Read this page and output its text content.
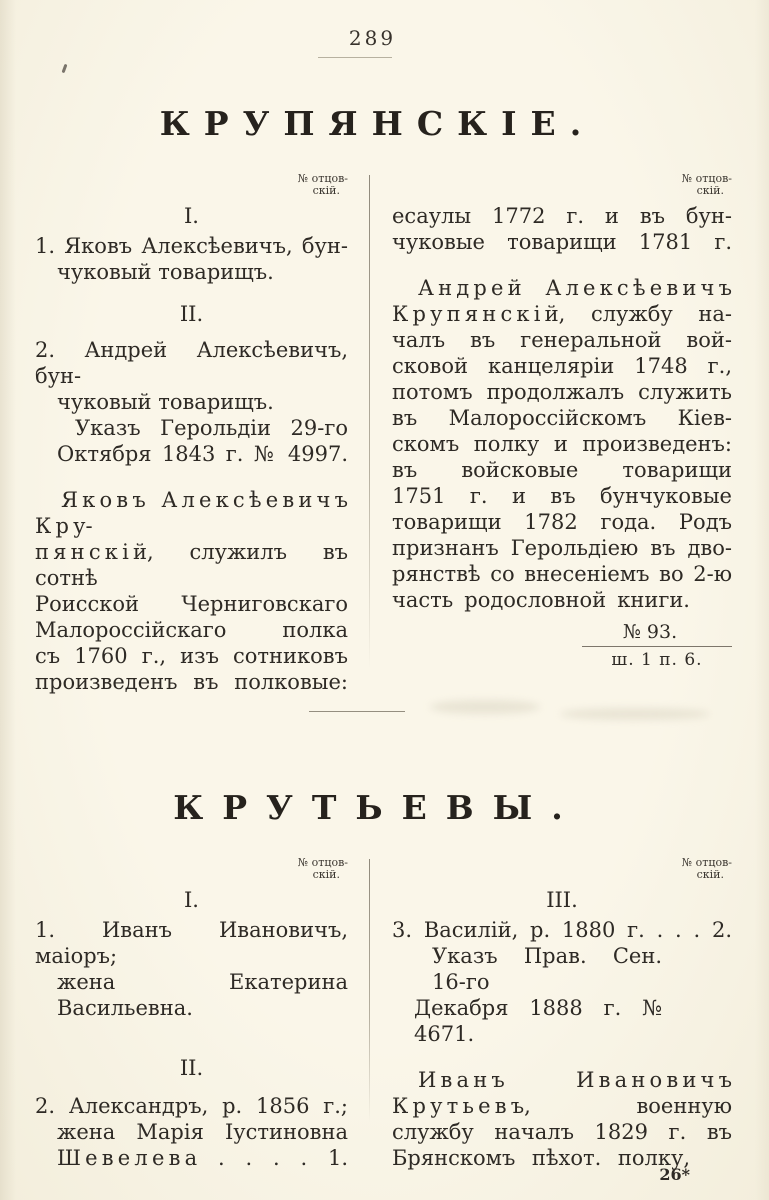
289
КРУПЯНСКІЕ.
№ отцов-
скій.
I.
1. Яковъ Алексѣевичъ, бун-
чуковый товарищъ.
II.
2. Андрей Алексѣевичъ, бун-
чуковый товарищъ.
Указъ Герольдіи 29-го
Октября 1843 г. № 4997.
Я к о в ъ А л е к с ѣ е в и ч ъ К р у-
п я н с к і й, служилъ въ сотнѣ
Роисской Черниговскаго
Малороссійскаго полка
съ 1760 г., изъ сотниковъ
произведенъ въ полковые:
№ отцов-
скій.
есаулы 1772 г. и въ бун-
чуковые товарищи 1781 г.
А н д р е й А л е к с ѣ е в и ч ъ
К р у п я н с к і й, службу на-
чалъ въ генеральной вой-
сковой канцеляріи 1748 г.,
потомъ продолжалъ служить
въ Малороссійскомъ Кіев-
скомъ полку и произведенъ:
въ войсковые товарищи
1751 г. и въ бунчуковые
товарищи 1782 года. Родъ
признанъ Герольдіею въ дво-
рянствѣ со внесеніемъ во 2-ю
часть родословной книги.
№ 93.
ш. 1 п. 6.
КРУТЬЕВЫ.
№ отцов-
скій.
I.
1. Иванъ Ивановичъ, маіоръ;
жена Екатерина Васильевна.
II.
2. Александръ, р. 1856 г.;
жена Марія Іустиновна
Ш е в е л е в а . . . . 1.
№ отцов-
скій.
III.
3. Василій, р. 1880 г. . . . 2.
Указъ Прав. Сен. 16-го
Декабря 1888 г. № 4671.
И в а н ъ И в а н о в и ч ъ
К р у т ь е в ъ, военную
службу началъ 1829 г. въ
Брянскомъ пѣхот. полку,
26*
